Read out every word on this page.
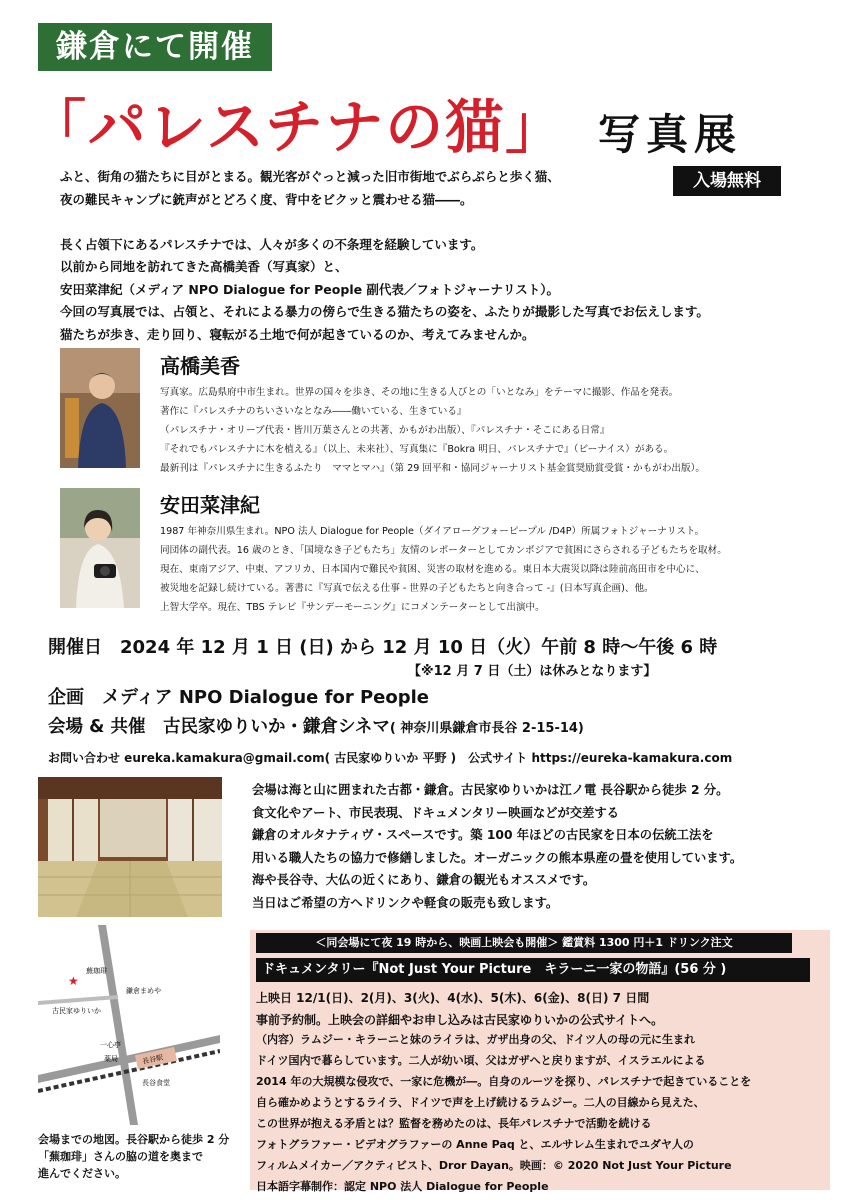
鎌倉にて開催
「パレスチナの猫」 写真展
入場無料
ふと、街角の猫たちに目がとまる。観光客がぐっと減った旧市街地でぶらぶらと歩く猫、
夜の難民キャンプに銃声がとどろく度、背中をビクッと震わせる猫――。

長く占領下にあるパレスチナでは、人々が多くの不条理を経験しています。
以前から同地を訪れてきた高橋美香（写真家）と、
安田菜津紀（メディア NPO Dialogue for People 副代表／フォトジャーナリスト）。
今回の写真展では、占領と、それによる暴力の傍らで生きる猫たちの姿を、ふたりが撮影した写真でお伝えします。
猫たちが歩き、走り回り、寝転がる土地で何が起きているのか、考えてみませんか。
高橋美香
写真家。広島県府中市生まれ。世界の国々を歩き、その地に生きる人びとの「いとなみ」をテーマに撮影、作品を発表。
著作に『パレスチナのちいさいなとなみ――働いている、生きている』
（パレスチナ・オリーブ代表・皆川万葉さんとの共著、かもがわ出版）、『パレスチナ・そこにある日常』
『それでもパレスチナに木を植える』（以上、未来社）、写真集に『Bokra 明日、パレスチナで』（ビーナイス）がある。
最新刊は『パレスチナに生きるふたり　ママとマハ』（第 29 回平和・協同ジャーナリスト基金賞奨励賞受賞・かもがわ出版）。
安田菜津紀
1987 年神奈川県生まれ。NPO 法人 Dialogue for People（ダイアローグフォーピープル /D4P）所属フォトジャーナリスト。
同団体の副代表。16 歳のとき、「国境なき子どもたち」友情のレポーターとしてカンボジアで貧困にさらされる子どもたちを取材。
現在、東南アジア、中東、アフリカ、日本国内で難民や貧困、災害の取材を進める。東日本大震災以降は陸前高田市を中心に、
被災地を記録し続けている。著書に『写真で伝える仕事 - 世界の子どもたちと向き合って -』(日本写真企画)、他。
上智大学卒。現在、TBS テレビ『サンデーモーニング』にコメンテーターとして出演中。
開催日 2024 年 12 月 1 日 (日) から 12 月 10 日（火）午前 8 時〜午後 6 時
【※12 月 7 日（土）は休みとなります】
企画　メディア NPO Dialogue for People
会場 & 共催　古民家ゆりいか・鎌倉シネマ( 神奈川県鎌倉市長谷 2-15-14)
お問い合わせ eureka.kamakura@gmail.com( 古民家ゆりいか 平野 )　公式サイト https://eureka-kamakura.com
会場は海と山に囲まれた古都・鎌倉。古民家ゆりいかは江ノ電 長谷駅から徒歩 2 分。
食文化やアート、市民表現、ドキュメンタリー映画などが交差する
鎌倉のオルタナティヴ・スペースです。築 100 年ほどの古民家を日本の伝統工法を
用いる職人たちの協力で修繕しました。オーガニックの熊本県産の畳を使用しています。
海や長谷寺、大仏の近くにあり、鎌倉の観光もオススメです。
当日はご希望の方へドリンクや軽食の販売も致します。
長谷駅
★
古民家ゆりいか
蕪珈琲
鎌倉まめや
一心亭
薬局
長谷食堂
会場までの地図。長谷駅から徒歩 2 分
「蕪珈琲」さんの脇の道を奥まで
進んでください。
＜同会場にて夜 19 時から、映画上映会も開催＞ 鑑賞料 1300 円＋1 ドリンク注文
ドキュメンタリー『Not Just Your Picture　キラーニ一家の物語』(56 分 )
上映日 12/1(日)、2(月)、3(火)、4(水)、5(木)、6(金)、8(日) 7 日間
事前予約制。上映会の詳細やお申し込みは古民家ゆりいかの公式サイトへ。
（内容）ラムジー・キラーニと妹のライラは、ガザ出身の父、ドイツ人の母の元に生まれ
ドイツ国内で暮らしています。二人が幼い頃、父はガザへと戻りますが、イスラエルによる
2014 年の大規模な侵攻で、一家に危機が―。自身のルーツを探り、パレスチナで起きていることを
自ら確かめようとするライラ、ドイツで声を上げ続けるラムジー。二人の目線から見えた、
この世界が抱える矛盾とは？監督を務めたのは、長年パレスチナで活動を続ける
フォトグラファー・ビデオグラファーの Anne Paq と、エルサレム生まれでユダヤ人の
フィルムメイカー／アクティビスト、Dror Dayan。映画：© 2020 Not Just Your Picture
日本語字幕制作：認定 NPO 法人 Dialogue for People
